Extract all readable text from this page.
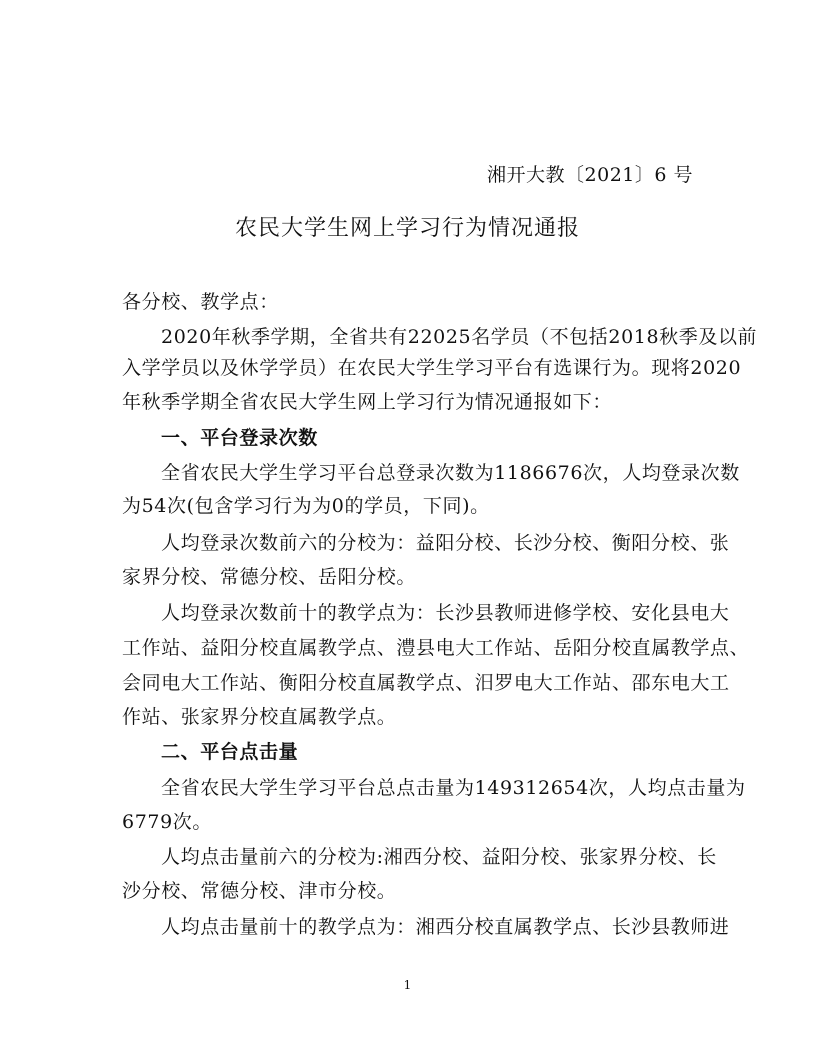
湘开大教〔2021〕6 号
农民大学生网上学习行为情况通报
各分校、教学点：
2020年秋季学期，全省共有22025名学员（不包括2018秋季及以前
入学学员以及休学学员）在农民大学生学习平台有选课行为。现将2020
年秋季学期全省农民大学生网上学习行为情况通报如下：
一、平台登录次数
全省农民大学生学习平台总登录次数为1186676次，人均登录次数
为54次(包含学习行为为0的学员，下同)。
人均登录次数前六的分校为：益阳分校、长沙分校、衡阳分校、张
家界分校、常德分校、岳阳分校。
人均登录次数前十的教学点为：长沙县教师进修学校、安化县电大
工作站、益阳分校直属教学点、澧县电大工作站、岳阳分校直属教学点、
会同电大工作站、衡阳分校直属教学点、汨罗电大工作站、邵东电大工
作站、张家界分校直属教学点。
二、平台点击量
全省农民大学生学习平台总点击量为149312654次，人均点击量为
6779次。
人均点击量前六的分校为:湘西分校、益阳分校、张家界分校、长
沙分校、常德分校、津市分校。
人均点击量前十的教学点为：湘西分校直属教学点、长沙县教师进
1
